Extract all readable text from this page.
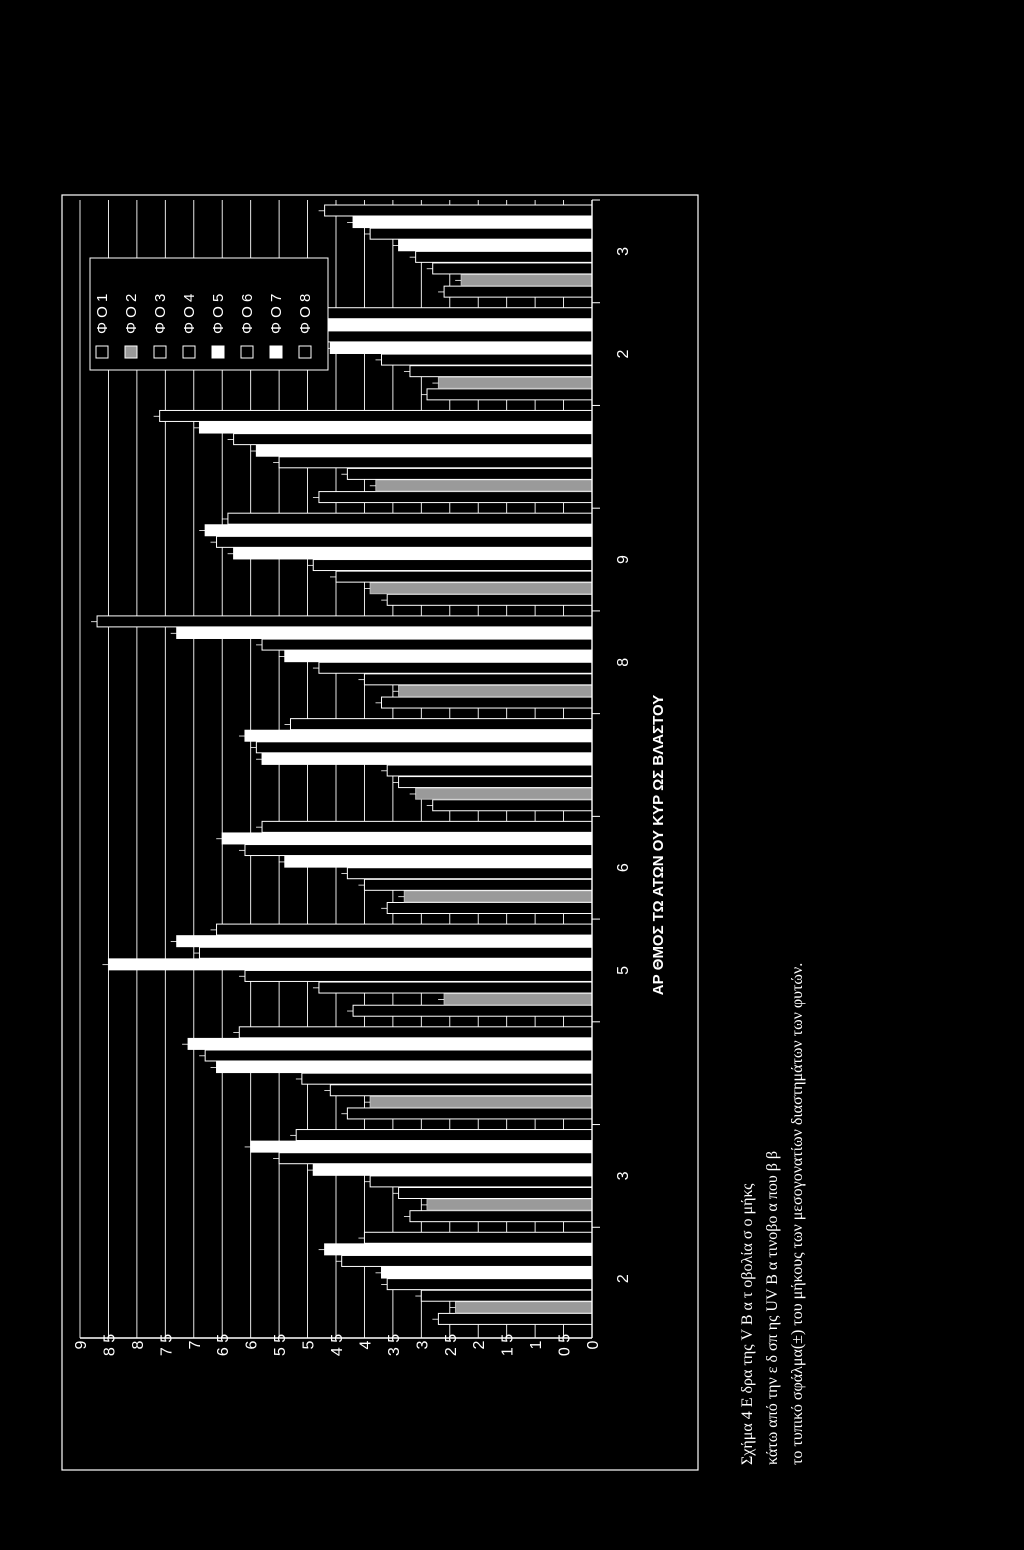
0
0 5
1
1 5
2
2 5
3
3 5
4
4 5
5
5 5
6
6 5
7
7 5
8
8 5
9
2
3
5
6
8
9
2
3
ΑΡ ΘΜΟΣ ΤΩ ΑΤΩΝ ΟΥ ΚΥΡ ΩΣ ΒΛΑΣΤΟΥ
Φ Ο 1 Φ Ο 2 Φ Ο 3 Φ Ο 4 Φ Ο 5 Φ Ο 6 Φ Ο 7 Φ Ο 8
Σχήμα 4 Ε δρα της V B α τ οβολία σ ο μήκς κάτω από την ε δ σπ ης UV B α τινοβο α που β β το τυπικό σφάλμα(±) του μήκους των μεσογονατίων διαστημάτων των φυτών.
